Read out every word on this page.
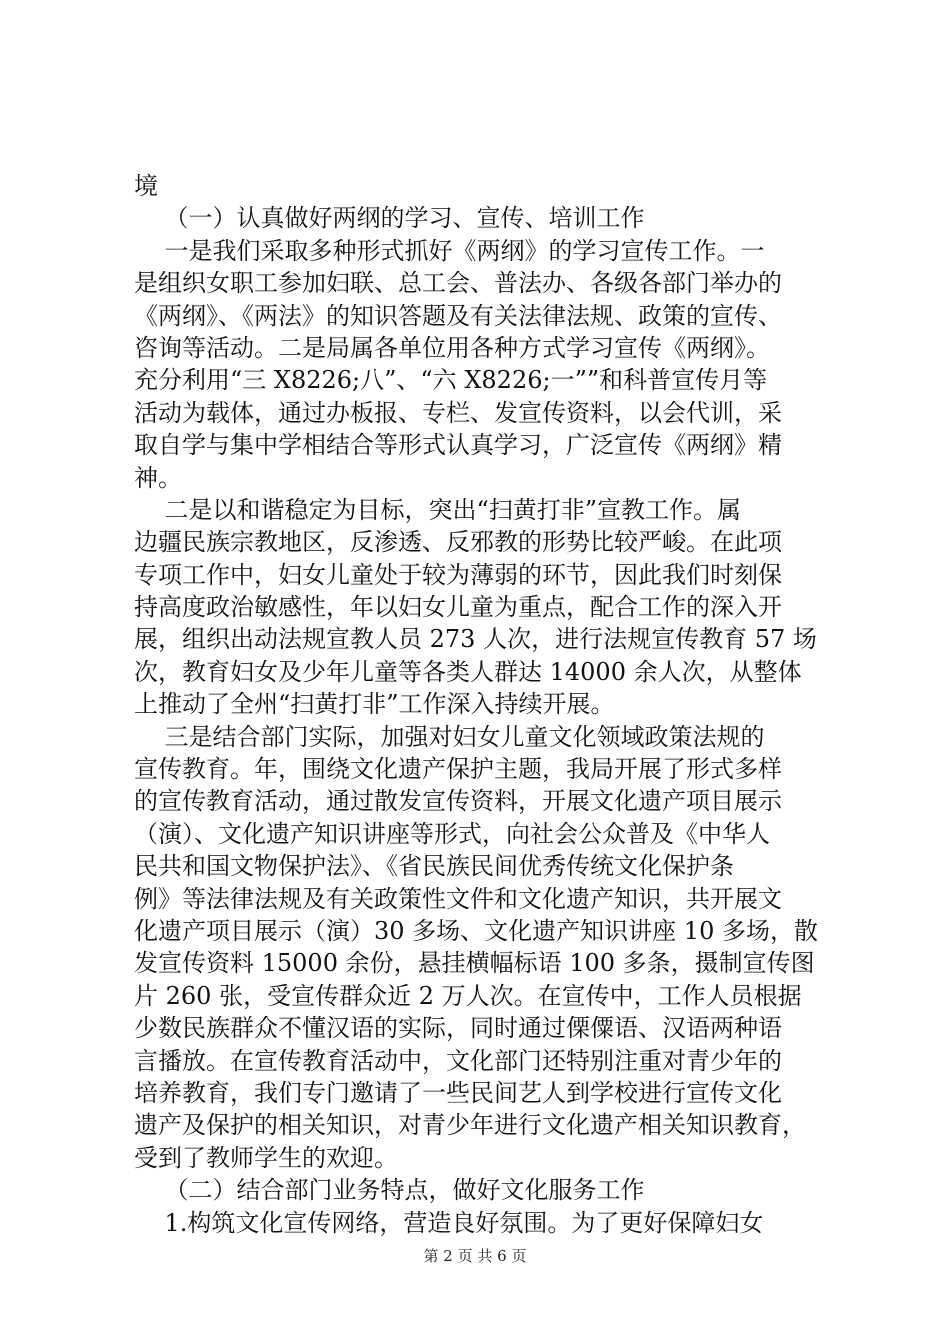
境
（一）认真做好两纲的学习、宣传、培训工作
一是我们采取多种形式抓好《两纲》的学习宣传工作。一
是组织女职工参加妇联、总工会、普法办、各级各部门举办的
《两纲》、《两法》的知识答题及有关法律法规、政策的宣传、
咨询等活动。二是局属各单位用各种方式学习宣传《两纲》。
充分利用“三 X8226;八”、“六 X8226;一””和科普宣传月等
活动为载体，通过办板报、专栏、发宣传资料，以会代训，采
取自学与集中学相结合等形式认真学习，广泛宣传《两纲》精
神。
二是以和谐稳定为目标，突出“扫黄打非”宣教工作。属
边疆民族宗教地区，反渗透、反邪教的形势比较严峻。在此项
专项工作中，妇女儿童处于较为薄弱的环节，因此我们时刻保
持高度政治敏感性，年以妇女儿童为重点，配合工作的深入开
展，组织出动法规宣教人员 273 人次，进行法规宣传教育 57 场
次，教育妇女及少年儿童等各类人群达 14000 余人次，从整体
上推动了全州“扫黄打非”工作深入持续开展。
三是结合部门实际，加强对妇女儿童文化领域政策法规的
宣传教育。年，围绕文化遗产保护主题，我局开展了形式多样
的宣传教育活动，通过散发宣传资料，开展文化遗产项目展示
（演）、文化遗产知识讲座等形式，向社会公众普及《中华人
民共和国文物保护法》、《省民族民间优秀传统文化保护条
例》等法律法规及有关政策性文件和文化遗产知识，共开展文
化遗产项目展示（演）30 多场、文化遗产知识讲座 10 多场，散
发宣传资料 15000 余份，悬挂横幅标语 100 多条，摄制宣传图
片 260 张，受宣传群众近 2 万人次。在宣传中，工作人员根据
少数民族群众不懂汉语的实际，同时通过傈僳语、汉语两种语
言播放。在宣传教育活动中，文化部门还特别注重对青少年的
培养教育，我们专门邀请了一些民间艺人到学校进行宣传文化
遗产及保护的相关知识，对青少年进行文化遗产相关知识教育，
受到了教师学生的欢迎。
（二）结合部门业务特点，做好文化服务工作
1.构筑文化宣传网络，营造良好氛围。为了更好保障妇女
第 2 页 共 6 页
